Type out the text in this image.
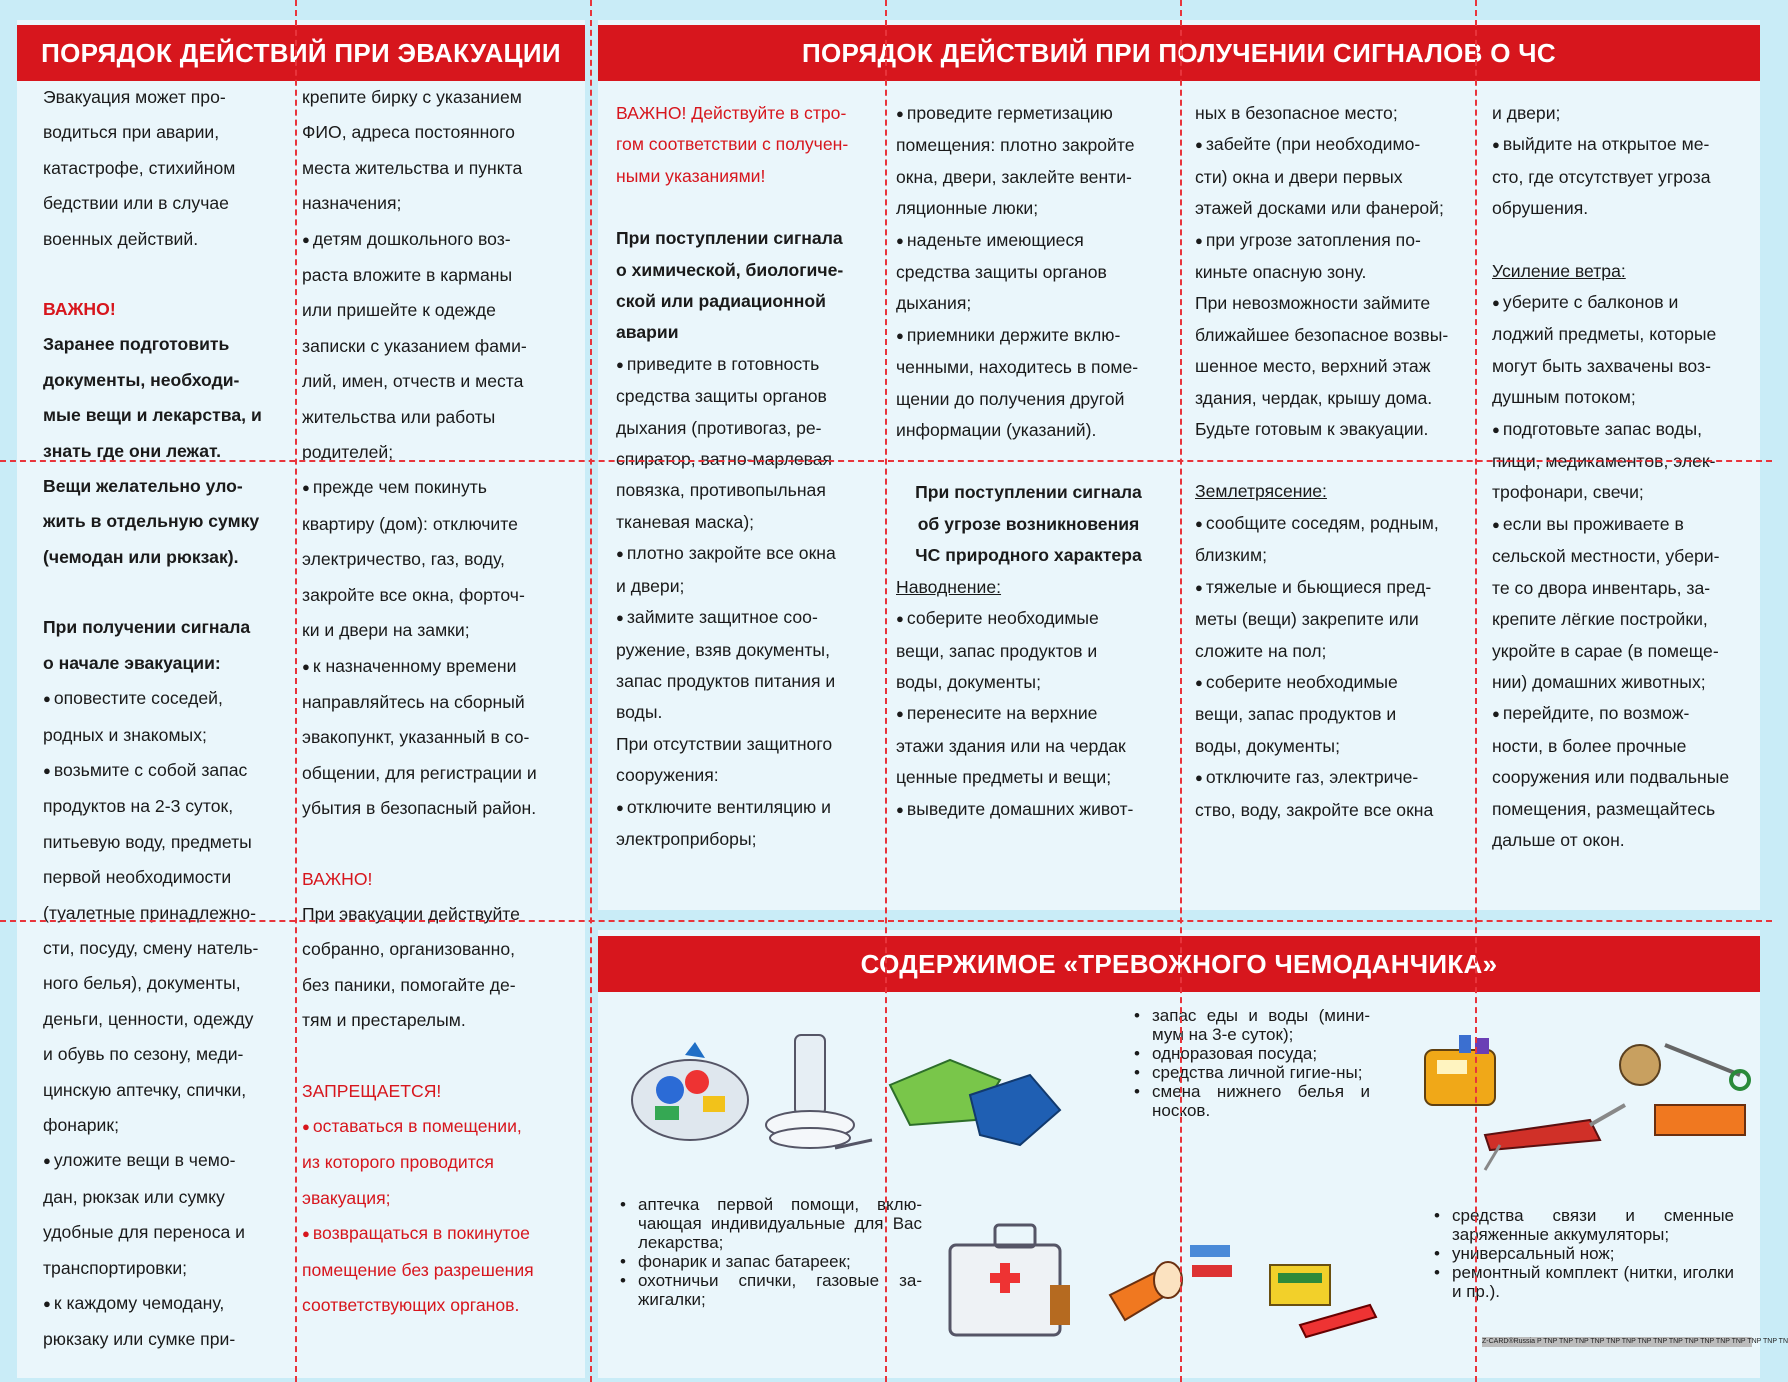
ПОРЯДОК ДЕЙСТВИЙ ПРИ ЭВАКУАЦИИ	ПОРЯДОК ДЕЙСТВИЙ ПРИ ПОЛУЧЕНИИ СИГНАЛОВ О ЧС
СОДЕРЖИМОЕ «ТРЕВОЖНОГО ЧЕМОДАНЧИКА»

Эвакуация может про-

водиться при аварии,

катастрофе, стихийном

бедствии или в случае

военных действий.

ВАЖНО!

Заранее подготовить

документы, необходи-

мые вещи и лекарства, и

знать где они лежат.

Вещи желательно уло-

жить в отдельную сумку

(чемодан или рюкзак).

При получении сигнала

о начале эвакуации:

● оповестите соседей,

родных и знакомых;

● возьмите с собой запас

продуктов на 2-3 суток,

питьевую воду, предметы

первой необходимости

(туалетные принадлежно-

сти, посуду, смену натель-

ного белья), документы,

деньги, ценности, одежду

и обувь по сезону, меди-

цинскую аптечку, спички,

фонарик;

● уложите вещи в чемо-

дан, рюкзак или сумку

удобные для переноса и

транспортировки;

● к каждому чемодану,

рюкзаку или сумке при-

крепите бирку с указанием

ФИО, адреса постоянного

места жительства и пункта

назначения;

● детям дошкольного воз-

раста вложите в карманы

или пришейте к одежде

записки с указанием фами-

лий, имен, отчеств и места

жительства или работы

родителей;

● прежде чем покинуть

квартиру (дом): отключите

электричество, газ, воду,

закройте все окна, форточ-

ки и двери на замки;

● к назначенному времени

направляйтесь на сборный

эвакопункт, указанный в со-

общении, для регистрации и

убытия в безопасный район.

ВАЖНО!

При эвакуации действуйте

собранно, организованно,

без паники, помогайте де-

тям и престарелым.

ЗАПРЕЩАЕТСЯ!

● оставаться в помещении,

из которого проводится

эвакуация;

● возвращаться в покинутое

помещение без разрешения

соответствующих органов.

ВАЖНО! Действуйте в стро-

гом соответствии с получен-

ными указаниями!

При поступлении сигнала

о химической, биологиче-

ской или радиационной

аварии

● приведите в готовность

средства защиты органов

дыхания (противогаз, ре-

спиратор, ватно-марлевая

повязка, противопыльная

тканевая маска);

● плотно закройте все окна

и двери;

● займите защитное соо-

ружение, взяв документы,

запас продуктов питания и

воды.

При отсутствии защитного

сооружения:

● отключите вентиляцию и

электроприборы;

● проведите герметизацию

помещения: плотно закройте

окна, двери, заклейте венти-

ляционные люки;

● наденьте имеющиеся

средства защиты органов

дыхания;

● приемники держите вклю-

ченными, находитесь в поме-

щении до получения другой

информации (указаний).

При поступлении сигнала

об угрозе возникновения

ЧС природного характера

Наводнение:

● соберите необходимые

вещи, запас продуктов и

воды, документы;

● перенесите на верхние

этажи здания или на чердак

ценные предметы и вещи;

● выведите домашних живот-

ных в безопасное место;

● забейте (при необходимо-

сти) окна и двери первых

этажей досками или фанерой;

● при угрозе затопления по-

киньте опасную зону.

При невозможности займите

ближайшее безопасное возвы-

шенное место, верхний этаж

здания, чердак, крышу дома.

Будьте готовым к эвакуации.

Землетрясение:

● сообщите соседям, родным,

близким;

● тяжелые и бьющиеся пред-

меты (вещи) закрепите или

сложите на пол;

● соберите необходимые

вещи, запас продуктов и

воды, документы;

● отключите газ, электриче-

ство, воду, закройте все окна

и двери;

● выйдите на открытое ме-

сто, где отсутствует угроза

обрушения.

Усиление ветра:

● уберите с балконов и

лоджий предметы, которые

могут быть захвачены воз-

душным потоком;

● подготовьте запас воды,

пищи, медикаментов, элек-

трофонари, свечи;

● если вы проживаете в

сельской местности, убери-

те со двора инвентарь, за-

крепите лёгкие постройки,

укройте в сарае (в помеще-

нии) домашних животных;

● перейдите, по возмож-

ности, в более прочные

сооружения или подвальные

помещения, размещайтесь

дальше от окон.

• запас еды и воды (мини-мум на 3-е суток);
• одноразовая посуда;
• средства личной гигие-ны;
• смена нижнего белья и носков.
• аптечка первой помощи, вклю-чающая индивидуальные для Вас лекарства;
• фонарик и запас батареек;
• охотничьи спички, газовые за-жигалки;
• средства связи и сменные заряженные аккумуляторы;
• универсальный нож;
• ремонтный комплект (нитки, иголки и пр.).
Z-CARD®Russia P TNP TNP TNP TNP TNP TNP TNP TNP TNP TNP TNP TNP TNP TNP TNP TN
